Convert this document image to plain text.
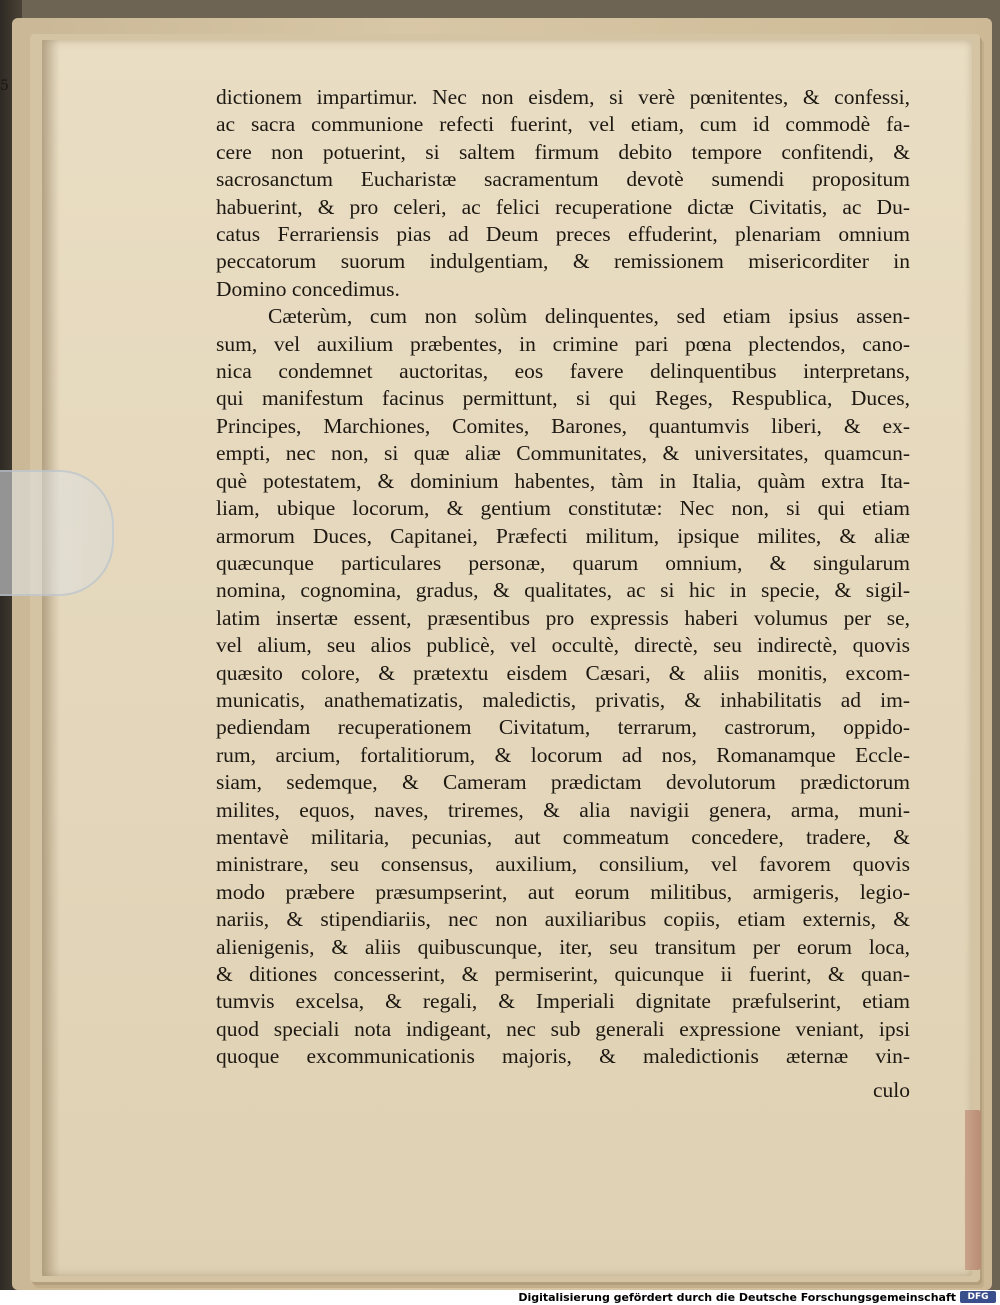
5	dictionem impartimur. Nec non eisdem, si verè pœnitentes, & confessi,
ac sacra communione refecti fuerint, vel etiam, cum id commodè fa-
cere non potuerint, si saltem firmum debito tempore confitendi, &
sacrosanctum Eucharistæ sacramentum devotè sumendi propositum
habuerint, & pro celeri, ac felici recuperatione dictæ Civitatis, ac Du-
catus Ferrariensis pias ad Deum preces effuderint, plenariam omnium
peccatorum suorum indulgentiam, & remissionem misericorditer in
Domino concedimus.
Cæterùm, cum non solùm delinquentes, sed etiam ipsius assen-
sum, vel auxilium præbentes, in crimine pari pœna plectendos, cano-
nica condemnet auctoritas, eos favere delinquentibus interpretans,
qui manifestum facinus permittunt, si qui Reges, Respublica, Duces,
Principes, Marchiones, Comites, Barones, quantumvis liberi, & ex-
empti, nec non, si quæ aliæ Communitates, & universitates, quamcun-
què potestatem, & dominium habentes, tàm in Italia, quàm extra Ita-
liam, ubique locorum, & gentium constitutæ: Nec non, si qui etiam
armorum Duces, Capitanei, Præfecti militum, ipsique milites, & aliæ
quæcunque particulares personæ, quarum omnium, & singularum
nomina, cognomina, gradus, & qualitates, ac si hic in specie, & sigil-
latim insertæ essent, præsentibus pro expressis haberi volumus per se,
vel alium, seu alios publicè, vel occultè, directè, seu indirectè, quovis
quæsito colore, & prætextu eisdem Cæsari, & aliis monitis, excom-
municatis, anathematizatis, maledictis, privatis, & inhabilitatis ad im-
pediendam recuperationem Civitatum, terrarum, castrorum, oppido-
rum, arcium, fortalitiorum, & locorum ad nos, Romanamque Eccle-
siam, sedemque, & Cameram prædictam devolutorum prædictorum
milites, equos, naves, triremes, & alia navigii genera, arma, muni-
mentavè militaria, pecunias, aut commeatum concedere, tradere, &
ministrare, seu consensus, auxilium, consilium, vel favorem quovis
modo præbere præsumpserint, aut eorum militibus, armigeris, legio-
nariis, & stipendiariis, nec non auxiliaribus copiis, etiam externis, &
alienigenis, & aliis quibuscunque, iter, seu transitum per eorum loca,
& ditiones concesserint, & permiserint, quicunque ii fuerint, & quan-
tumvis excelsa, & regali, & Imperiali dignitate præfulserint, etiam
quod speciali nota indigeant, nec sub generali expressione veniant, ipsi
quoque excommunicationis majoris, & maledictionis æternæ vin-
culo
Digitalisierung gefördert durch die Deutsche Forschungsgemeinschaft	DFG
